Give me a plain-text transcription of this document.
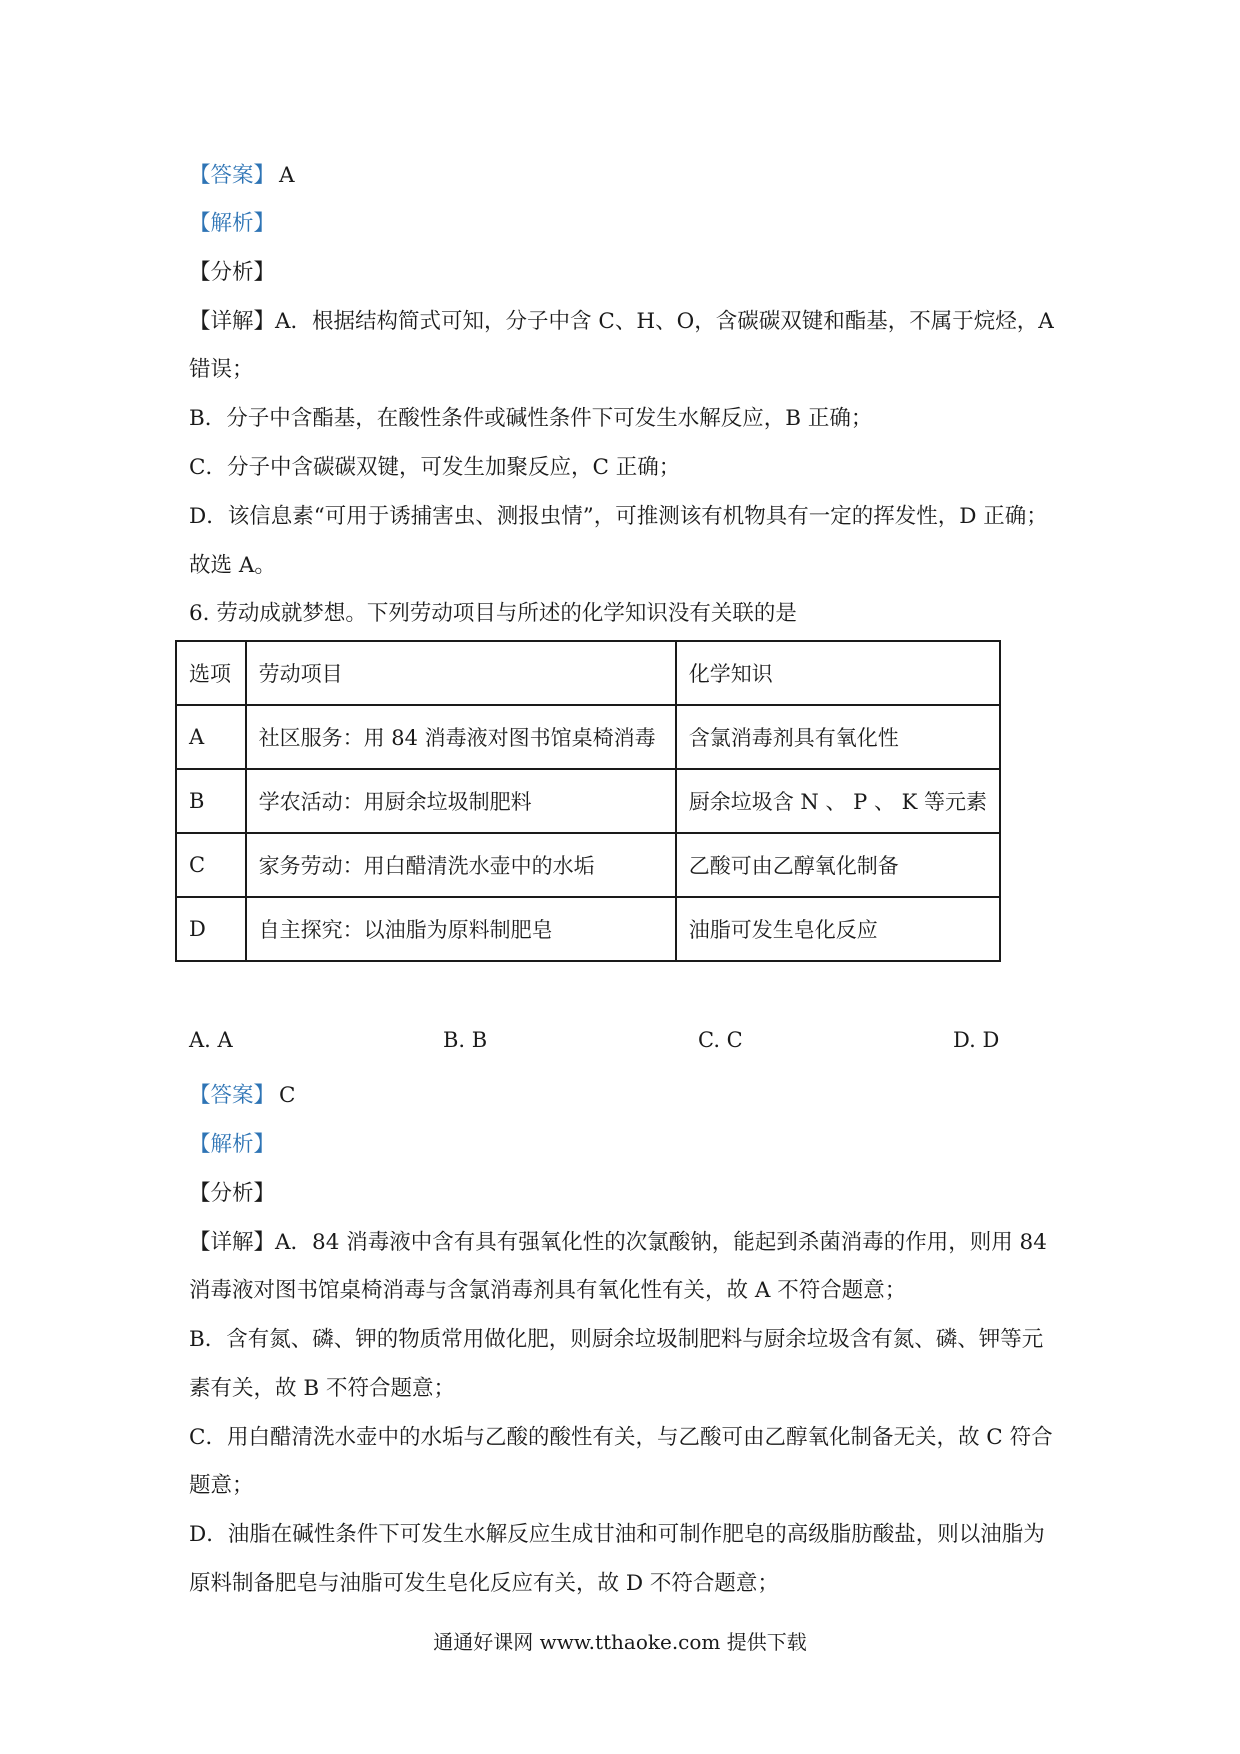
【答案】 A
【解析】
【分析】
【详解】A．根据结构简式可知，分子中含 C、H、O，含碳碳双键和酯基，不属于烷烃，A
错误；
B．分子中含酯基，在酸性条件或碱性条件下可发生水解反应，B 正确；
C．分子中含碳碳双键，可发生加聚反应，C 正确；
D．该信息素“可用于诱捕害虫、测报虫情”，可推测该有机物具有一定的挥发性，D 正确；
故选 A。
6. 劳动成就梦想。下列劳动项目与所述的化学知识没有关联的是
选项	劳动项目	化学知识
A	社区服务：用 84 消毒液对图书馆桌椅消毒	含氯消毒剂具有氧化性
B	学农活动：用厨余垃圾制肥料	厨余垃圾含 N 、 P 、 K 等元素
C	家务劳动：用白醋清洗水壶中的水垢	乙酸可由乙醇氧化制备
D	自主探究：以油脂为原料制肥皂	油脂可发生皂化反应
A. A	B. B	C. C	D. D
【答案】 C
【解析】
【分析】
【详解】A．84 消毒液中含有具有强氧化性的次氯酸钠，能起到杀菌消毒的作用，则用 84
消毒液对图书馆桌椅消毒与含氯消毒剂具有氧化性有关，故 A 不符合题意；
B．含有氮、磷、钾的物质常用做化肥，则厨余垃圾制肥料与厨余垃圾含有氮、磷、钾等元
素有关，故 B 不符合题意；
C．用白醋清洗水壶中的水垢与乙酸的酸性有关，与乙酸可由乙醇氧化制备无关，故 C 符合
题意；
D．油脂在碱性条件下可发生水解反应生成甘油和可制作肥皂的高级脂肪酸盐，则以油脂为
原料制备肥皂与油脂可发生皂化反应有关，故 D 不符合题意；
通通好课网 www.tthaoke.com 提供下载
